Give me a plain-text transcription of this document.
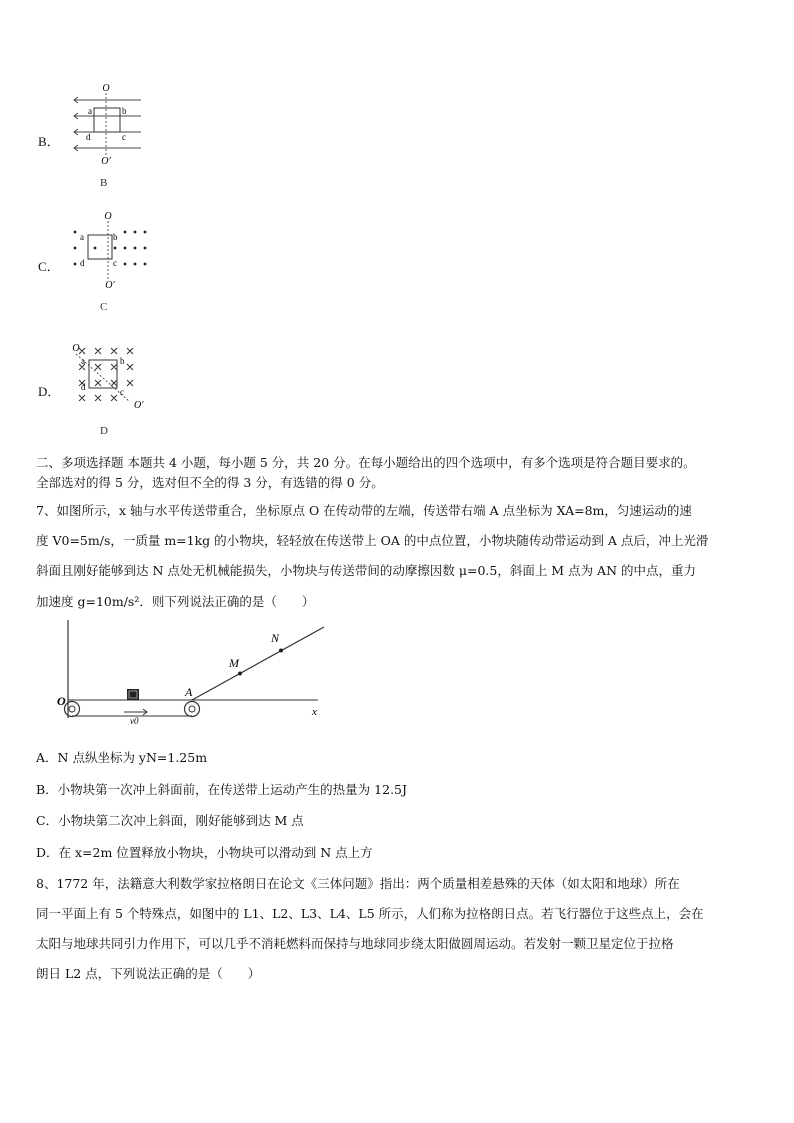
B．
O
a	b
c
d
O′
B
C．
O
a	b
c
d
O′
C
D．
O
a	b
c
d
O′
D
二、多项选择题 本题共 4 小题，每小题 5 分，共 20 分。在每小题给出的四个选项中，有多个选项是符合题目要求的。
全部选对的得 5 分，选对但不全的得 3 分，有选错的得 0 分。
7、如图所示，x 轴与水平传送带重合，坐标原点 O 在传动带的左端，传送带右端 A 点坐标为 XA=8m，匀速运动的速
度 V0=5m/s，一质量 m=1kg 的小物块，轻轻放在传送带上 OA 的中点位置，小物块随传动带运动到 A 点后，冲上光滑
斜面且刚好能够到达 N 点处无机械能损失，小物块与传送带间的动摩擦因数 μ=0.5，斜面上 M 点为 AN 的中点，重力
加速度 g=10m/s²．则下列说法正确的是（　　）
O
A
M
N
x
v0
A．N 点纵坐标为 yN=1.25m
B．小物块第一次冲上斜面前，在传送带上运动产生的热量为 12.5J
C．小物块第二次冲上斜面，刚好能够到达 M 点
D．在 x=2m 位置释放小物块，小物块可以滑动到 N 点上方
8、1772 年，法籍意大利数学家拉格朗日在论文《三体问题》指出：两个质量相差悬殊的天体（如太阳和地球）所在
同一平面上有 5 个特殊点，如图中的 L1、L2、L3、L4、L5 所示，人们称为拉格朗日点。若飞行器位于这些点上，会在
太阳与地球共同引力作用下，可以几乎不消耗燃料而保持与地球同步绕太阳做圆周运动。若发射一颗卫星定位于拉格
朗日 L2 点，下列说法正确的是（　　）
